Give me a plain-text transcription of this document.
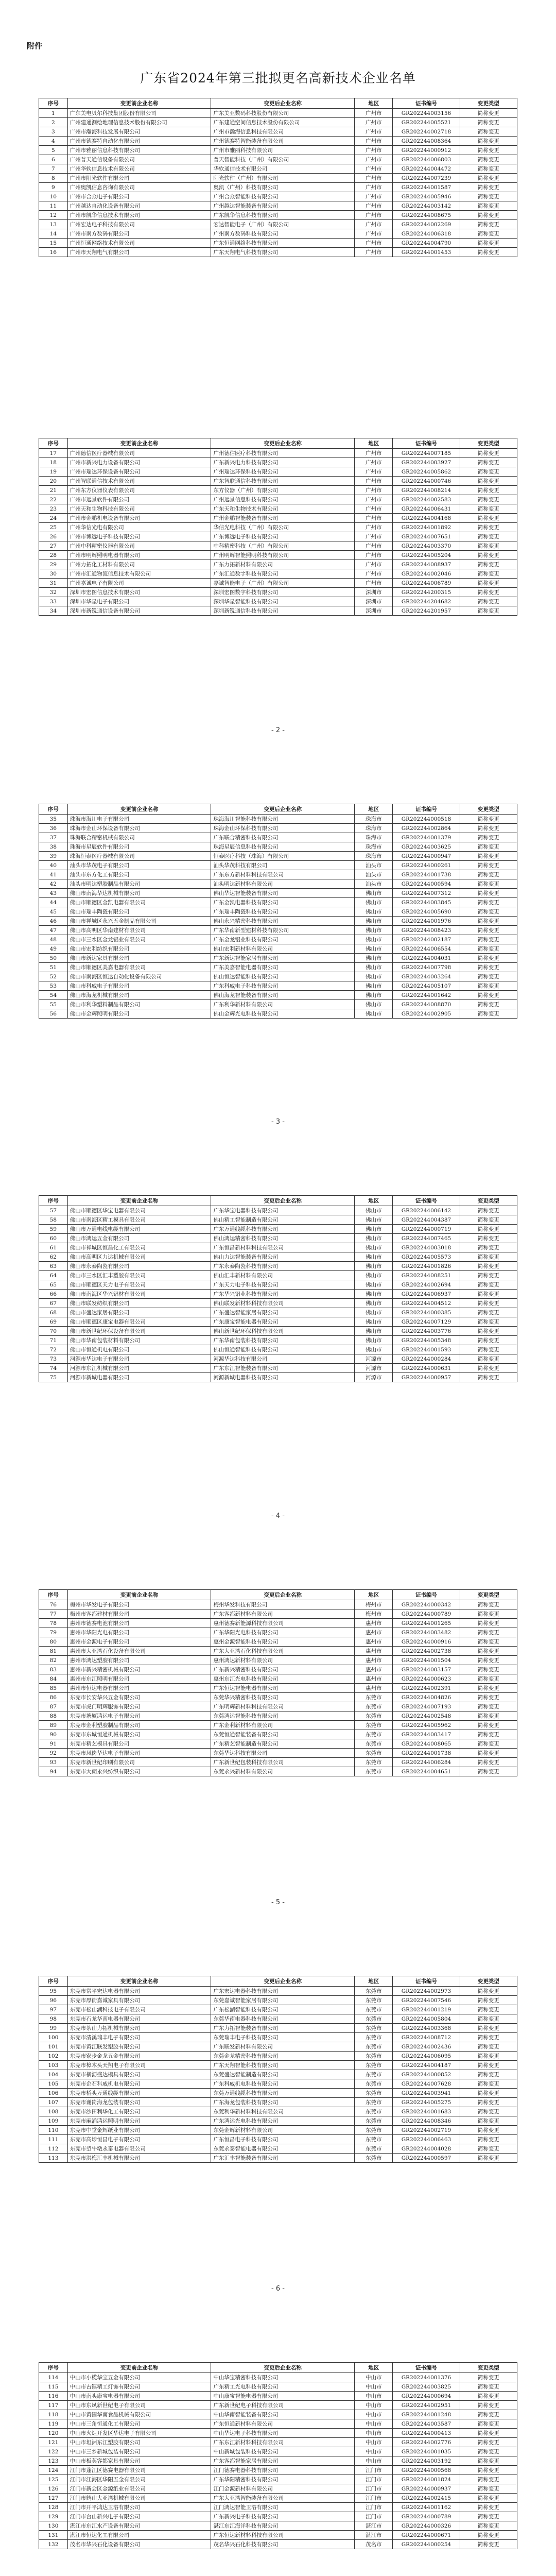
附件
广东省2024年第三批拟更名高新技术企业名单
序号	变更前企业名称	变更后企业名称	地区	证书编号	变更类型
1	广东美电贝尔科技集团股份有限公司	广东美亚数码科技股份有限公司	广州市	GR202244003156	简称变更
2	广州建通测绘地理信息技术股份有限公司	广东建通空间信息技术股份有限公司	广州市	GR202244005521	简称变更
3	广州市瀚海科技发展有限公司	广州市瀚海信息科技有限公司	广州市	GR202244002718	简称变更
4	广州市德赛特自动化有限公司	广州德赛特智能装备有限公司	广州市	GR202244008364	简称变更
5	广州市雅丽信息科技有限公司	广州市雅丽科技有限公司	广州市	GR202244000912	简称变更
6	广州普天通信设备有限公司	普天智能科技（广州）有限公司	广州市	GR202244006803	简称变更
7	广州华软信息技术有限公司	华软通信技术有限公司	广州市	GR202244004472	简称变更
8	广州市阳光软件有限公司	阳光软件（广州）有限公司	广州市	GR202244007239	简称变更
9	广州奥凯信息咨询有限公司	奥凯（广州）科技有限公司	广州市	GR202244001587	简称变更
10	广州市合众电子有限公司	广州合众智能科技有限公司	广州市	GR202244005946	简称变更
11	广州越达自动化设备有限公司	广州越达智能装备有限公司	广州市	GR202244003142	简称变更
12	广州市凯华信息技术有限公司	广东凯华信息科技有限公司	广州市	GR202244008675	简称变更
13	广州宏达电子科技有限公司	宏达智能电子（广州）有限公司	广州市	GR202244002269	简称变更
14	广州市南方数码有限公司	广州南方数码科技有限公司	广州市	GR202244006318	简称变更
15	广州恒通网络技术有限公司	广东恒通网络科技有限公司	广州市	GR202244004790	简称变更
16	广州市天翔电气有限公司	广东天翔电气科技有限公司	广州市	GR202244001453	简称变更
序号	变更前企业名称	变更后企业名称	地区	证书编号	变更类型
17	广州德信医疗器械有限公司	广州德信医疗科技有限公司	广州市	GR202244007185	简称变更
18	广州市新兴电力设备有限公司	广东新兴电力科技有限公司	广州市	GR202244003927	简称变更
19	广州市瑞达环保设备有限公司	广州瑞达环保科技有限公司	广州市	GR202244005862	简称变更
20	广州智联通信技术有限公司	广东智联通信科技有限公司	广州市	GR202244000746	简称变更
21	广州东方仪器仪表有限公司	东方仪器（广州）有限公司	广州市	GR202244008214	简称变更
22	广州市远景软件有限公司	广州远景信息科技有限公司	广州市	GR202244002583	简称变更
23	广州天和生物科技有限公司	广东天和生物技术有限公司	广州市	GR202244006431	简称变更
24	广州市金鹏机电设备有限公司	广州金鹏智能装备有限公司	广州市	GR202244004168	简称变更
25	广州华信光电有限公司	华信光电科技（广州）有限公司	广州市	GR202244001892	简称变更
26	广州市博远电子科技有限公司	广东博远电子科技有限公司	广州市	GR202244007651	简称变更
27	广州中科精密仪器有限公司	中科精密科技（广州）有限公司	广州市	GR202244003370	简称变更
28	广州市明辉照明电器有限公司	广州明辉智能照明科技有限公司	广州市	GR202244005204	简称变更
29	广州力拓化工材料有限公司	广东力拓新材料有限公司	广州市	GR202244008937	简称变更
30	广州市汇通物流信息技术有限公司	广东汇通数字科技有限公司	广州市	GR202244002046	简称变更
31	广州嘉诚电子有限公司	嘉诚智能电子（广州）有限公司	广州市	GR202244006789	简称变更
32	深圳市宏图信息技术有限公司	深圳宏图数字科技有限公司	深圳市	GR202244200315	简称变更
33	深圳市华星电子有限公司	深圳华星智能科技有限公司	深圳市	GR202244204682	简称变更
34	深圳市新锐通信设备有限公司	深圳新锐通信科技有限公司	深圳市	GR202244201957	简称变更
- 2 -
序号	变更前企业名称	变更后企业名称	地区	证书编号	变更类型
35	珠海市海川电子有限公司	珠海海川智能科技有限公司	珠海市	GR202244000518	简称变更
36	珠海市金山环保设备有限公司	珠海金山环保科技有限公司	珠海市	GR202244002864	简称变更
37	珠海联合精密机械有限公司	广东联合精密科技有限公司	珠海市	GR202244001379	简称变更
38	珠海市星辰软件有限公司	珠海星辰信息科技有限公司	珠海市	GR202244003625	简称变更
39	珠海恒泰医疗器械有限公司	恒泰医疗科技（珠海）有限公司	珠海市	GR202244000947	简称变更
40	汕头市华茂电子有限公司	汕头华茂科技有限公司	汕头市	GR202244000261	简称变更
41	汕头市东方化工有限公司	广东东方新材料科技有限公司	汕头市	GR202244001738	简称变更
42	汕头市明达塑胶制品有限公司	汕头明达新材料有限公司	汕头市	GR202244000594	简称变更
43	佛山市南海华达机械有限公司	佛山华达智能装备有限公司	佛山市	GR202244007312	简称变更
44	佛山市顺德区金凯电器有限公司	广东金凯电器科技有限公司	佛山市	GR202244003845	简称变更
45	佛山市瑞丰陶瓷有限公司	广东瑞丰陶瓷科技有限公司	佛山市	GR202244005690	简称变更
46	佛山市禅城区永兴五金制品有限公司	佛山永兴精密科技有限公司	佛山市	GR202244001976	简称变更
47	佛山市高明区华南建材有限公司	广东华南新型建材科技有限公司	佛山市	GR202244008423	简称变更
48	佛山市三水区金龙铝业有限公司	广东金龙铝业科技有限公司	佛山市	GR202244002187	简称变更
49	佛山市宏利纺织有限公司	佛山宏利新材料有限公司	佛山市	GR202244006554	简称变更
50	佛山市新达家具有限公司	广东新达智能家居有限公司	佛山市	GR202244004031	简称变更
51	佛山市顺德区美嘉电器有限公司	广东美嘉智能电器有限公司	佛山市	GR202244007798	简称变更
52	佛山市南海区恒达自动化设备有限公司	佛山恒达智能科技有限公司	佛山市	GR202244003264	简称变更
53	佛山市科威电子有限公司	广东科威电子科技有限公司	佛山市	GR202244005107	简称变更
54	佛山市海龙机械有限公司	佛山海龙智能装备有限公司	佛山市	GR202244001642	简称变更
55	佛山市利华塑料制品有限公司	广东利华新材料有限公司	佛山市	GR202244008870	简称变更
56	佛山市金辉照明有限公司	佛山金辉光电科技有限公司	佛山市	GR202244002905	简称变更
- 3 -
序号	变更前企业名称	变更后企业名称	地区	证书编号	变更类型
57	佛山市顺德区华宝电器有限公司	广东华宝电器科技有限公司	佛山市	GR202244006142	简称变更
58	佛山市南海区精工模具有限公司	佛山精工智能制造有限公司	佛山市	GR202244004387	简称变更
59	佛山市万通电线电缆有限公司	广东万通线缆科技有限公司	佛山市	GR202244000719	简称变更
60	佛山市鸿运五金有限公司	佛山鸿运精密科技有限公司	佛山市	GR202244007465	简称变更
61	佛山市禅城区恒昌化工有限公司	广东恒昌新材料科技有限公司	佛山市	GR202244003018	简称变更
62	佛山市高明区力达机械有限公司	佛山力达智能装备有限公司	佛山市	GR202244005573	简称变更
63	佛山市永泰陶瓷有限公司	广东永泰陶瓷科技有限公司	佛山市	GR202244001826	简称变更
64	佛山市三水区汇丰塑胶有限公司	佛山汇丰新材料有限公司	佛山市	GR202244008251	简称变更
65	佛山市顺德区天力电子有限公司	广东天力电子科技有限公司	佛山市	GR202244002694	简称变更
66	佛山市南海区华兴铝材有限公司	广东华兴铝业科技有限公司	佛山市	GR202244006937	简称变更
67	佛山市联发纺织有限公司	佛山联发新材料科技有限公司	佛山市	GR202244004512	简称变更
68	佛山市盛达家居有限公司	广东盛达智能家居有限公司	佛山市	GR202244000385	简称变更
69	佛山市顺德区康宝电器有限公司	广东康宝智能电器有限公司	佛山市	GR202244007129	简称变更
70	佛山市新世纪环保设备有限公司	佛山新世纪环保科技有限公司	佛山市	GR202244003776	简称变更
71	佛山市华南包装材料有限公司	广东华南包装科技有限公司	佛山市	GR202244005348	简称变更
72	佛山市恒通机电有限公司	佛山恒通智能科技有限公司	佛山市	GR202244001593	简称变更
73	河源市华达电子有限公司	河源华达科技有限公司	河源市	GR202244000284	简称变更
74	河源市东江机械有限公司	广东东江智能装备有限公司	河源市	GR202244000631	简称变更
75	河源市新城电器有限公司	河源新城电器科技有限公司	河源市	GR202244000957	简称变更
- 4 -
序号	变更前企业名称	变更后企业名称	地区	证书编号	变更类型
76	梅州市华发电子有限公司	梅州华发科技有限公司	梅州市	GR202244000342	简称变更
77	梅州市客都建材有限公司	广东客都新材料有限公司	梅州市	GR202244000789	简称变更
78	惠州市德赛电池有限公司	惠州德赛新能源科技有限公司	惠州市	GR202244001265	简称变更
79	惠州市华阳光电有限公司	广东华阳光电科技有限公司	惠州市	GR202244003482	简称变更
80	惠州市金源电子有限公司	惠州金源智能科技有限公司	惠州市	GR202244000916	简称变更
81	惠州市大亚湾石化设备有限公司	广东大亚湾石化科技有限公司	惠州市	GR202244002738	简称变更
82	惠州市鸿达塑胶有限公司	惠州鸿达新材料有限公司	惠州市	GR202244001504	简称变更
83	惠州市新兴精密机械有限公司	广东新兴精密科技有限公司	惠州市	GR202244003157	简称变更
84	惠州市东江照明有限公司	惠州东江光电科技有限公司	惠州市	GR202244000623	简称变更
85	惠州市恒达电器有限公司	广东恒达智能电器有限公司	惠州市	GR202244002391	简称变更
86	东莞市长安华兴五金有限公司	东莞华兴精密科技有限公司	东莞市	GR202244004826	简称变更
87	东莞市虎门明辉服饰有限公司	广东明辉新材料科技有限公司	东莞市	GR202244007193	简称变更
88	东莞市塘厦鸿运电子有限公司	东莞鸿运智能科技有限公司	东莞市	GR202244002548	简称变更
89	东莞市金利塑胶制品有限公司	广东金利新材料有限公司	东莞市	GR202244005962	简称变更
90	东莞市东城恒通机械有限公司	东莞恒通智能装备有限公司	东莞市	GR202244003417	简称变更
91	东莞市精艺模具有限公司	广东精艺智能制造有限公司	东莞市	GR202244008065	简称变更
92	东莞市凤岗华达电子有限公司	东莞华达科技有限公司	东莞市	GR202244001738	简称变更
93	东莞市新世纪印刷有限公司	广东新世纪包装科技有限公司	东莞市	GR202244006284	简称变更
94	东莞市大朗永兴纺织有限公司	东莞永兴新材料有限公司	东莞市	GR202244004651	简称变更
- 5 -
序号	变更前企业名称	变更后企业名称	地区	证书编号	变更类型
95	东莞市常平宏达电器有限公司	广东宏达电器科技有限公司	东莞市	GR202244002973	简称变更
96	东莞市厚街嘉诚家具有限公司	东莞嘉诚智能家居有限公司	东莞市	GR202244007546	简称变更
97	东莞市松山湖科技电子有限公司	广东松湖智能科技有限公司	东莞市	GR202244001219	简称变更
98	东莞市石龙华南电器有限公司	东莞华南电器科技有限公司	东莞市	GR202244005804	简称变更
99	东莞市茶山力拓机械有限公司	广东力拓智能装备有限公司	东莞市	GR202244003368	简称变更
100	东莞市清溪瑞丰电子有限公司	东莞瑞丰电子科技有限公司	东莞市	GR202244008712	简称变更
101	东莞市黄江联发塑胶有限公司	广东联发新材料有限公司	东莞市	GR202244002436	简称变更
102	东莞市寮步金龙五金有限公司	东莞金龙精密科技有限公司	东莞市	GR202244006095	简称变更
103	东莞市樟木头天翔电子有限公司	广东天翔智能科技有限公司	东莞市	GR202244004187	简称变更
104	东莞市横沥盛达模具有限公司	东莞盛达智能制造有限公司	东莞市	GR202244000852	简称变更
105	东莞市企石科威机电有限公司	广东科威机电科技有限公司	东莞市	GR202244007628	简称变更
106	东莞市桥头万通线缆有限公司	东莞万通线缆科技有限公司	东莞市	GR202244003941	简称变更
107	东莞市谢岗海龙包装有限公司	广东海龙包装科技有限公司	东莞市	GR202244005275	简称变更
108	东莞市沙田利华化工有限公司	东莞利华新材料科技有限公司	东莞市	GR202244001683	简称变更
109	东莞市麻涌鸿运照明有限公司	广东鸿运光电科技有限公司	东莞市	GR202244008346	简称变更
110	东莞市中堂金辉纸业有限公司	东莞金辉新材料有限公司	东莞市	GR202244002719	简称变更
111	东莞市高埗恒昌电子有限公司	广东恒昌电子科技有限公司	东莞市	GR202244006463	简称变更
112	东莞市望牛墩永泰电器有限公司	东莞永泰智能电器有限公司	东莞市	GR202244004028	简称变更
113	东莞市洪梅汇丰机械有限公司	广东汇丰智能装备有限公司	东莞市	GR202244000597	简称变更
- 6 -
序号	变更前企业名称	变更后企业名称	地区	证书编号	变更类型
114	中山市小榄华宝五金有限公司	中山华宝精密科技有限公司	中山市	GR202244001376	简称变更
115	中山市古镇精工灯饰有限公司	广东精工光电科技有限公司	中山市	GR202244003825	简称变更
116	中山市南头康宝电器有限公司	中山康宝智能电器有限公司	中山市	GR202244000694	简称变更
117	中山市东凤新世纪电子有限公司	广东新世纪电子科技有限公司	中山市	GR202244002951	简称变更
118	中山市黄圃华南食品机械有限公司	中山华南智能装备有限公司	中山市	GR202244001248	简称变更
119	中山市三角恒通化工有限公司	广东恒通新材料有限公司	中山市	GR202244003587	简称变更
120	中山市火炬开发区华达电子有限公司	中山华达电子科技有限公司	中山市	GR202244000413	简称变更
121	中山市坦洲东江塑胶有限公司	广东东江新材料科技有限公司	中山市	GR202244002776	简称变更
122	中山市三乡新城包装有限公司	中山新城包装科技有限公司	中山市	GR202244001035	简称变更
123	中山市板芙客都家具有限公司	广东客都智能家居有限公司	中山市	GR202244003192	简称变更
124	江门市蓬江区德赛电器有限公司	江门德赛电器科技有限公司	江门市	GR202244000568	简称变更
125	江门市江海区华阳五金有限公司	广东华阳精密科技有限公司	江门市	GR202244001824	简称变更
126	江门市新会区金源纸业有限公司	江门金源新材料有限公司	江门市	GR202244000937	简称变更
127	江门市鹤山大亚湾机械有限公司	广东大亚湾智能装备有限公司	江门市	GR202244002415	简称变更
128	江门市开平鸿达卫浴有限公司	江门鸿达智能卫浴有限公司	江门市	GR202244001162	简称变更
129	江门市台山新兴电子有限公司	广东新兴电子科技有限公司	江门市	GR202244000789	简称变更
130	湛江市东江水产设备有限公司	湛江东江海洋科技有限公司	湛江市	GR202244000326	简称变更
131	湛江市恒达化工有限公司	广东恒达新材料科技有限公司	湛江市	GR202244000671	简称变更
132	茂名市华兴石化设备有限公司	茂名华兴石化科技有限公司	茂名市	GR202244000254	简称变更
